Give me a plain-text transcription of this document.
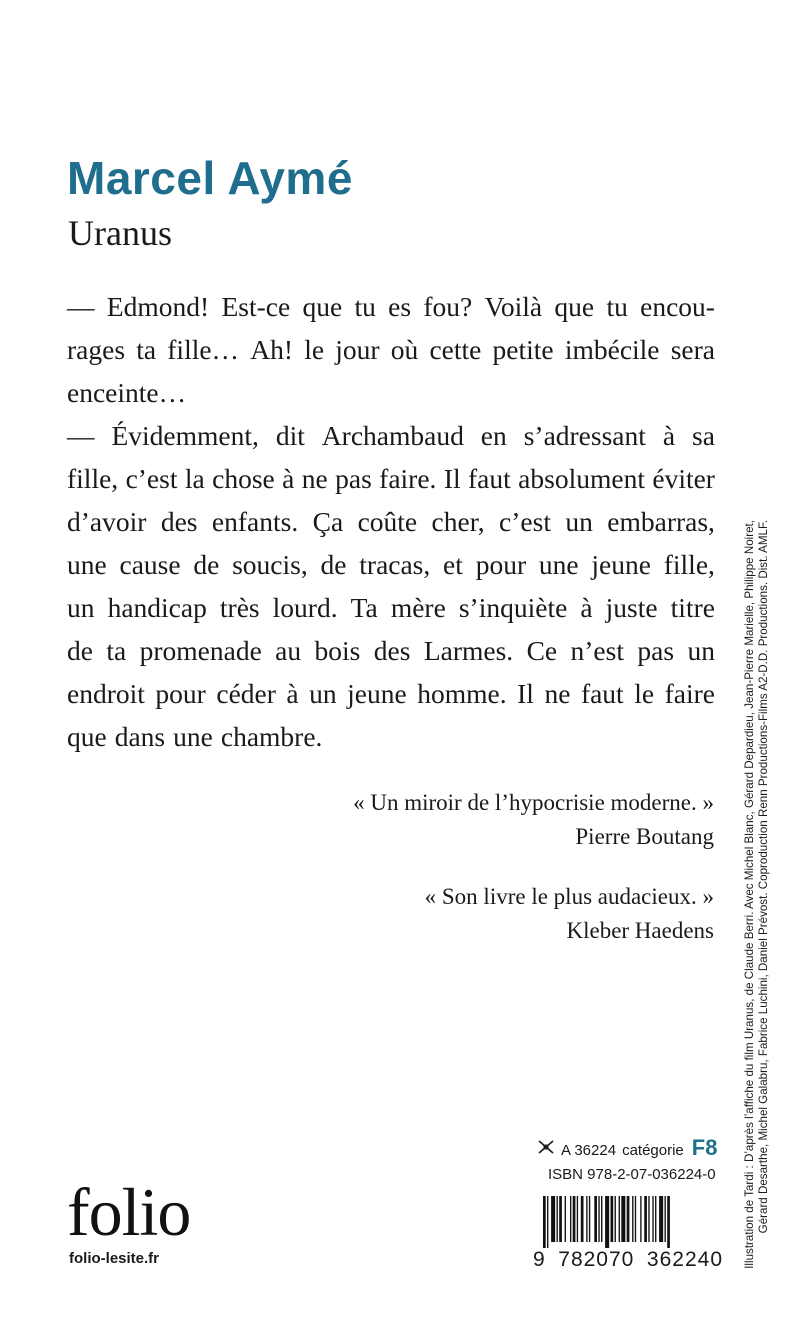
Marcel Aymé
Uranus
— Edmond! Est-ce que tu es fou? Voilà que tu encou-
rages ta fille… Ah! le jour où cette petite imbécile sera
enceinte…
— Évidemment, dit Archambaud en s’adressant à sa
fille, c’est la chose à ne pas faire. Il faut absolument éviter
d’avoir des enfants. Ça coûte cher, c’est un embarras,
une cause de soucis, de tracas, et pour une jeune fille,
un handicap très lourd. Ta mère s’inquiète à juste titre
de ta promenade au bois des Larmes. Ce n’est pas un
endroit pour céder à un jeune homme. Il ne faut le faire
que dans une chambre.
« Un miroir de l’hypocrisie moderne. »
Pierre Boutang
« Son livre le plus audacieux. »
Kleber Haedens	Illustration de Tardi : D’après l’affiche du film Uranus, de Claude Berri. Avec Michel Blanc, Gérard Depardieu, Jean-Pierre Marielle, Philippe Noiret, Gérard Desarthe, Michel Galabru, Fabrice Luchini, Daniel Prévost. Coproduction Renn Productions-Films A2-D.D. Productions. Dist. AMLF.
A 36224 catégorie F8
ISBN 978-2-07-036224-0
9 782070 362240
folio
folio-lesite.fr
